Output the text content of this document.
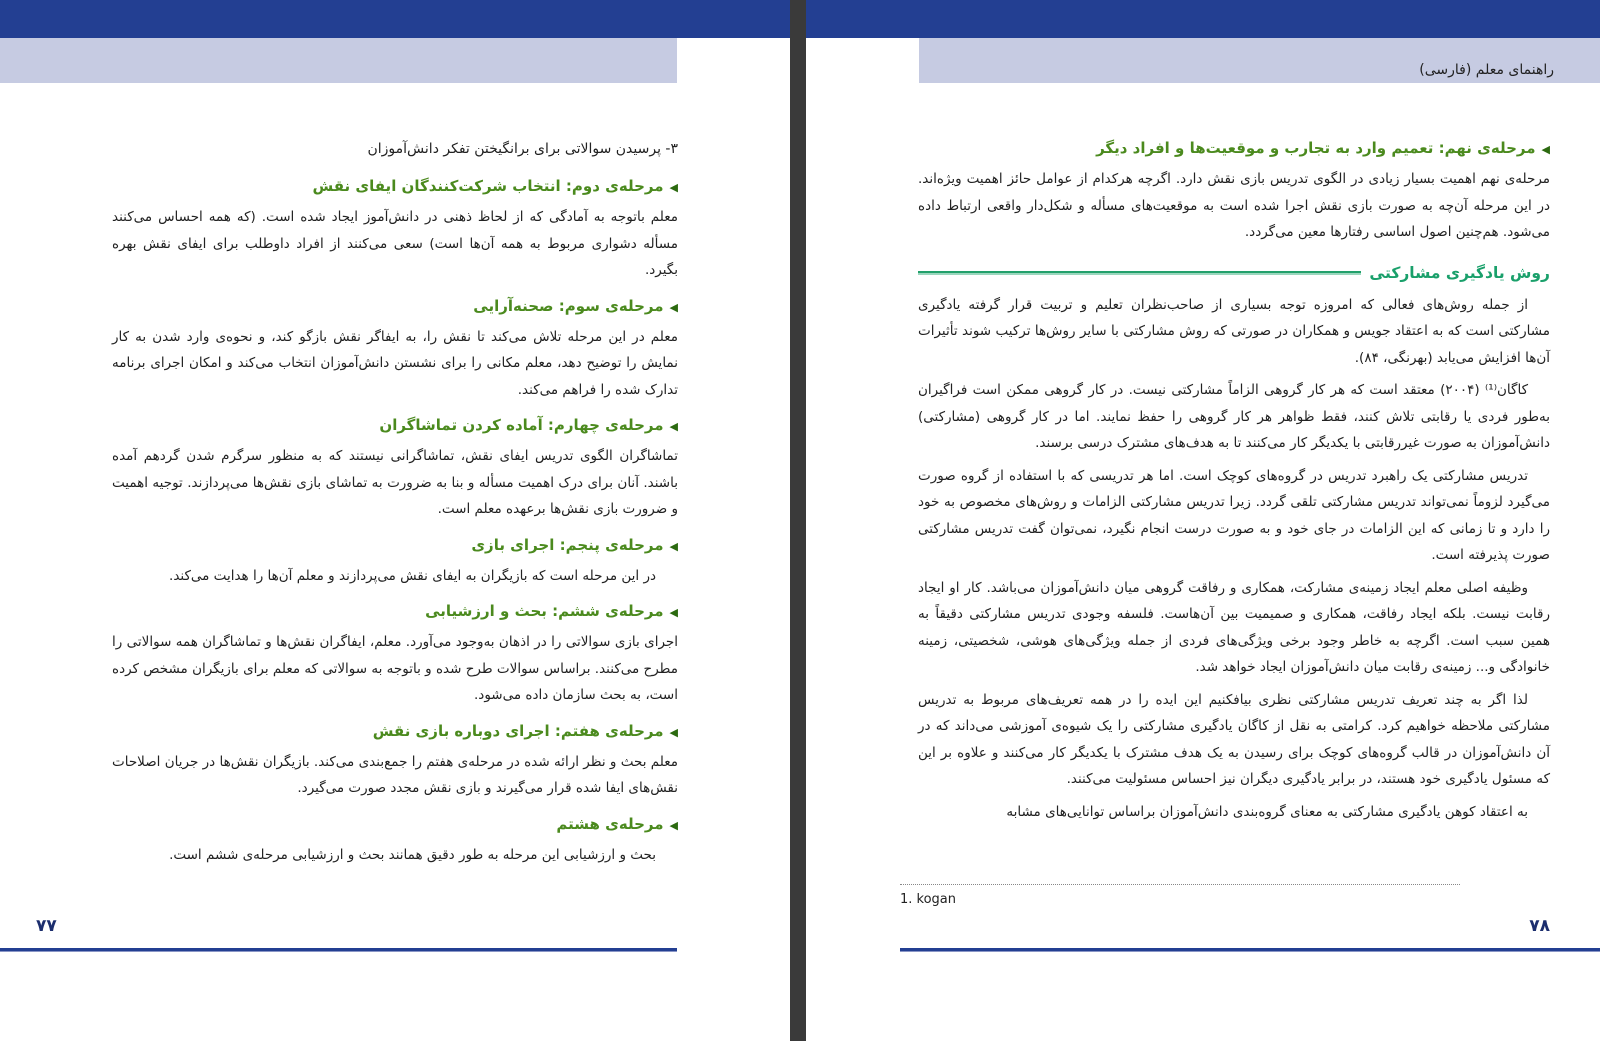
۳- پرسیدن سوالاتی برای برانگیختن تفکر دانش‌آموزان
◀مرحله‌ی دوم: انتخاب شرکت‌کنندگان ایفای نقش

معلم باتوجه به آمادگی که از لحاظ ذهنی در دانش‌آموز ایجاد شده است. (که همه احساس می‌کنند مسأله دشواری مربوط به همه آن‌ها است) سعی می‌کنند از افراد داوطلب برای ایفای نقش بهره بگیرد.

◀مرحله‌ی سوم: صحنه‌آرایی

معلم در این مرحله تلاش می‌کند تا نقش را، به ایفاگر نقش بازگو کند، و نحوه‌ی وارد شدن به کار نمایش را توضیح دهد، معلم مکانی را برای نشستن دانش‌آموزان انتخاب می‌کند و امکان اجرای برنامه تدارک شده را فراهم می‌کند.

◀مرحله‌ی چهارم: آماده کردن تماشاگران

تماشاگران الگوی تدریس ایفای نقش، تماشاگرانی نیستند که به منظور سرگرم شدن گردهم آمده باشند. آنان برای درک اهمیت مسأله و بنا به ضرورت به تماشای بازی نقش‌ها می‌پردازند. توجیه اهمیت و ضرورت بازی نقش‌ها برعهده معلم است.

◀مرحله‌ی پنجم: اجرای بازی

در این مرحله است که بازیگران به ایفای نقش می‌پردازند و معلم آن‌ها را هدایت می‌کند.

◀مرحله‌ی ششم: بحث و ارزشیابی

اجرای بازی سوالاتی را در اذهان به‌وجود می‌آورد. معلم، ایفاگران نقش‌ها و تماشاگران همه سوالاتی را مطرح می‌کنند. براساس سوالات طرح شده و باتوجه به سوالاتی که معلم برای بازیگران مشخص کرده است، به بحث سازمان داده می‌شود.

◀مرحله‌ی هفتم: اجرای دوباره بازی نقش

معلم بحث و نظر ارائه شده در مرحله‌ی هفتم را جمع‌بندی می‌کند. بازیگران نقش‌ها در جریان اصلاحات نقش‌های ایفا شده قرار می‌گیرند و بازی نقش مجدد صورت می‌گیرد.

◀مرحله‌ی هشتم

بحث و ارزشیابی این مرحله به طور دقیق همانند بحث و ارزشیابی مرحله‌ی ششم است.

۷۷
راهنمای معلم (فارسی)
◀مرحله‌ی نهم: تعمیم وارد به تجارب و موقعیت‌ها و افراد دیگر

مرحله‌ی نهم اهمیت بسیار زیادی در الگوی تدریس بازی نقش دارد. اگرچه هرکدام از عوامل حائز اهمیت ویژه‌اند. در این مرحله آن‌چه به صورت بازی نقش اجرا شده است به موقعیت‌های مسأله و شکل‌دار واقعی ارتباط داده می‌شود. هم‌چنین اصول اساسی رفتارها معین می‌گردد.

روش یادگیری مشارکتی

از جمله روش‌های فعالی که امروزه توجه بسیاری از صاحب‌نظران تعلیم و تربیت قرار گرفته یادگیری مشارکتی است که به اعتقاد جویس و همکاران در صورتی که روش مشارکتی با سایر روش‌ها ترکیب شوند تأثیرات آن‌ها افزایش می‌یابد (بهرنگی، ۸۴).

کاگان⁽¹⁾ (۲۰۰۴) معتقد است که هر کار گروهی الزاماً مشارکتی نیست. در کار گروهی ممکن است فراگیران به‌طور فردی یا رقابتی تلاش کنند، فقط ظواهر هر کار گروهی را حفظ نمایند. اما در کار گروهی (مشارکتی) دانش‌آموزان به صورت غیررقابتی با یکدیگر کار می‌کنند تا به هدف‌های مشترک درسی برسند.

تدریس مشارکتی یک راهبرد تدریس در گروه‌های کوچک است. اما هر تدریسی که با استفاده از گروه صورت می‌گیرد لزوماً نمی‌تواند تدریس مشارکتی تلقی گردد. زیرا تدریس مشارکتی الزامات و روش‌های مخصوص به خود را دارد و تا زمانی که این الزامات در جای خود و به صورت درست انجام نگیرد، نمی‌توان گفت تدریس مشارکتی صورت پذیرفته است.

وظیفه اصلی معلم ایجاد زمینه‌ی مشارکت، همکاری و رفاقت گروهی میان دانش‌آموزان می‌باشد. کار او ایجاد رقابت نیست. بلکه ایجاد رفاقت، همکاری و صمیمیت بین آن‌هاست. فلسفه وجودی تدریس مشارکتی دقیقاً به همین سبب است. اگرچه به خاطر وجود برخی ویژگی‌های فردی از جمله ویژگی‌های هوشی، شخصیتی، زمینه خانوادگی و... زمینه‌ی رقابت میان دانش‌آموزان ایجاد خواهد شد.

لذا اگر به چند تعریف تدریس مشارکتی نظری بیافکنیم این ایده را در همه تعریف‌های مربوط به تدریس مشارکتی ملاحظه خواهیم کرد. کرامتی به نقل از کاگان یادگیری مشارکتی را یک شیوه‌ی آموزشی می‌داند که در آن دانش‌آموزان در قالب گروه‌های کوچک برای رسیدن به یک هدف مشترک با یکدیگر کار می‌کنند و علاوه بر این که مسئول یادگیری خود هستند، در برابر یادگیری دیگران نیز احساس مسئولیت می‌کنند.

به اعتقاد کوهن یادگیری مشارکتی به معنای گروه‌بندی دانش‌آموزان براساس توانایی‌های مشابه

1. kogan
۷۸
